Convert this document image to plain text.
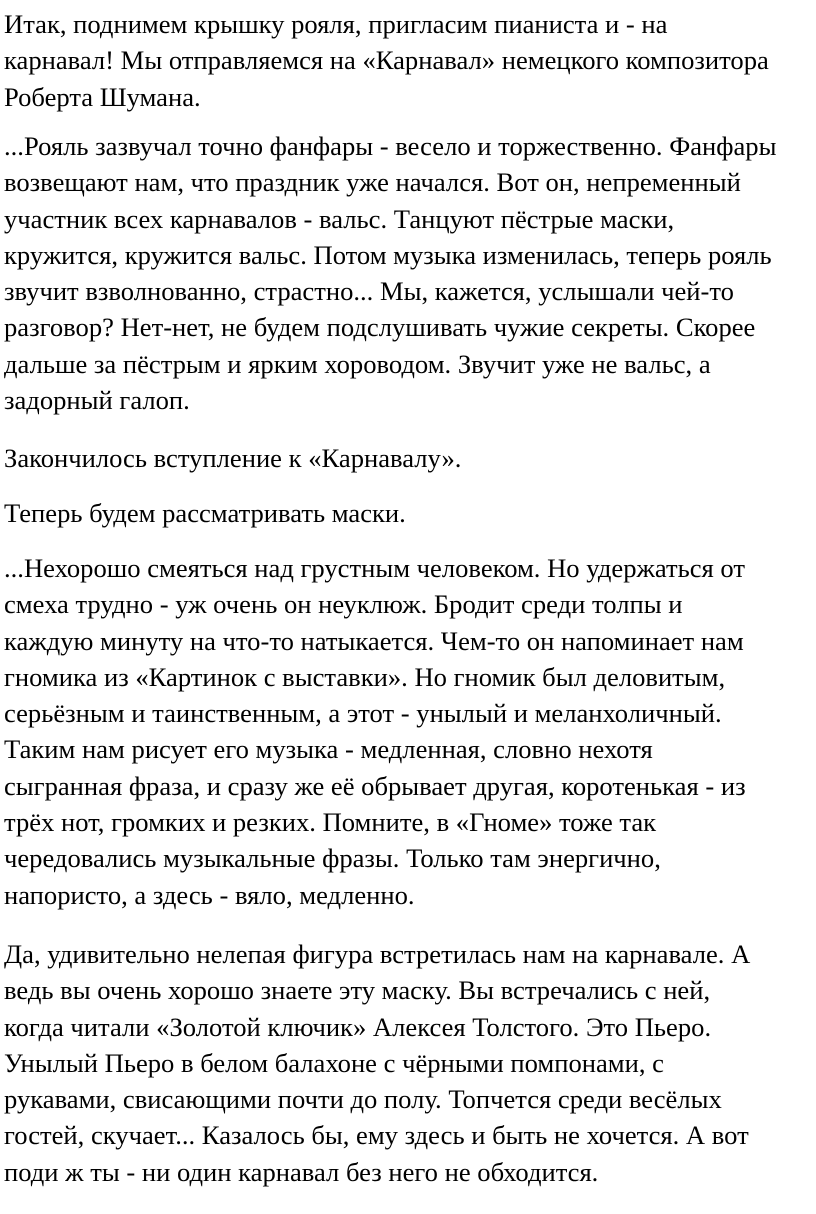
Итак, поднимем крышку рояля, пригласим пианиста и - на
карнавал! Мы отправляемся на «Карнавал» немецкого композитора
Роберта Шумана.

...Рояль зазвучал точно фанфары - весело и торжественно. Фанфары
возвещают нам, что праздник уже начался. Вот он, непременный
участник всех карнавалов - вальс. Танцуют пёстрые маски,
кружится, кружится вальс. Потом музыка изменилась, теперь рояль
звучит взволнованно, страстно... Мы, кажется, услышали чей-то
разговор? Нет-нет, не будем подслушивать чужие секреты. Скорее
дальше за пёстрым и ярким хороводом. Звучит уже не вальс, а
задорный галоп.

Закончилось вступление к «Карнавалу».

Теперь будем рассматривать маски.

...Нехорошо смеяться над грустным человеком. Но удержаться от
смеха трудно - уж очень он неуклюж. Бродит среди толпы и
каждую минуту на что-то натыкается. Чем-то он напоминает нам
гномика из «Картинок с выставки». Но гномик был деловитым,
серьёзным и таинственным, а этот - унылый и меланхоличный.
Таким нам рисует его музыка - медленная, словно нехотя
сыгранная фраза, и сразу же её обрывает другая, коротенькая - из
трёх нот, громких и резких. Помните, в «Гноме» тоже так
чередовались музыкальные фразы. Только там энергично,
напористо, а здесь - вяло, медленно.

Да, удивительно нелепая фигура встретилась нам на карнавале. А
ведь вы очень хорошо знаете эту маску. Вы встречались с ней,
когда читали «Золотой ключик» Алексея Толстого. Это Пьеро.
Унылый Пьеро в белом балахоне с чёрными помпонами, с
рукавами, свисающими почти до полу. Топчется среди весёлых
гостей, скучает... Казалось бы, ему здесь и быть не хочется. А вот
поди ж ты - ни один карнавал без него не обходится.
